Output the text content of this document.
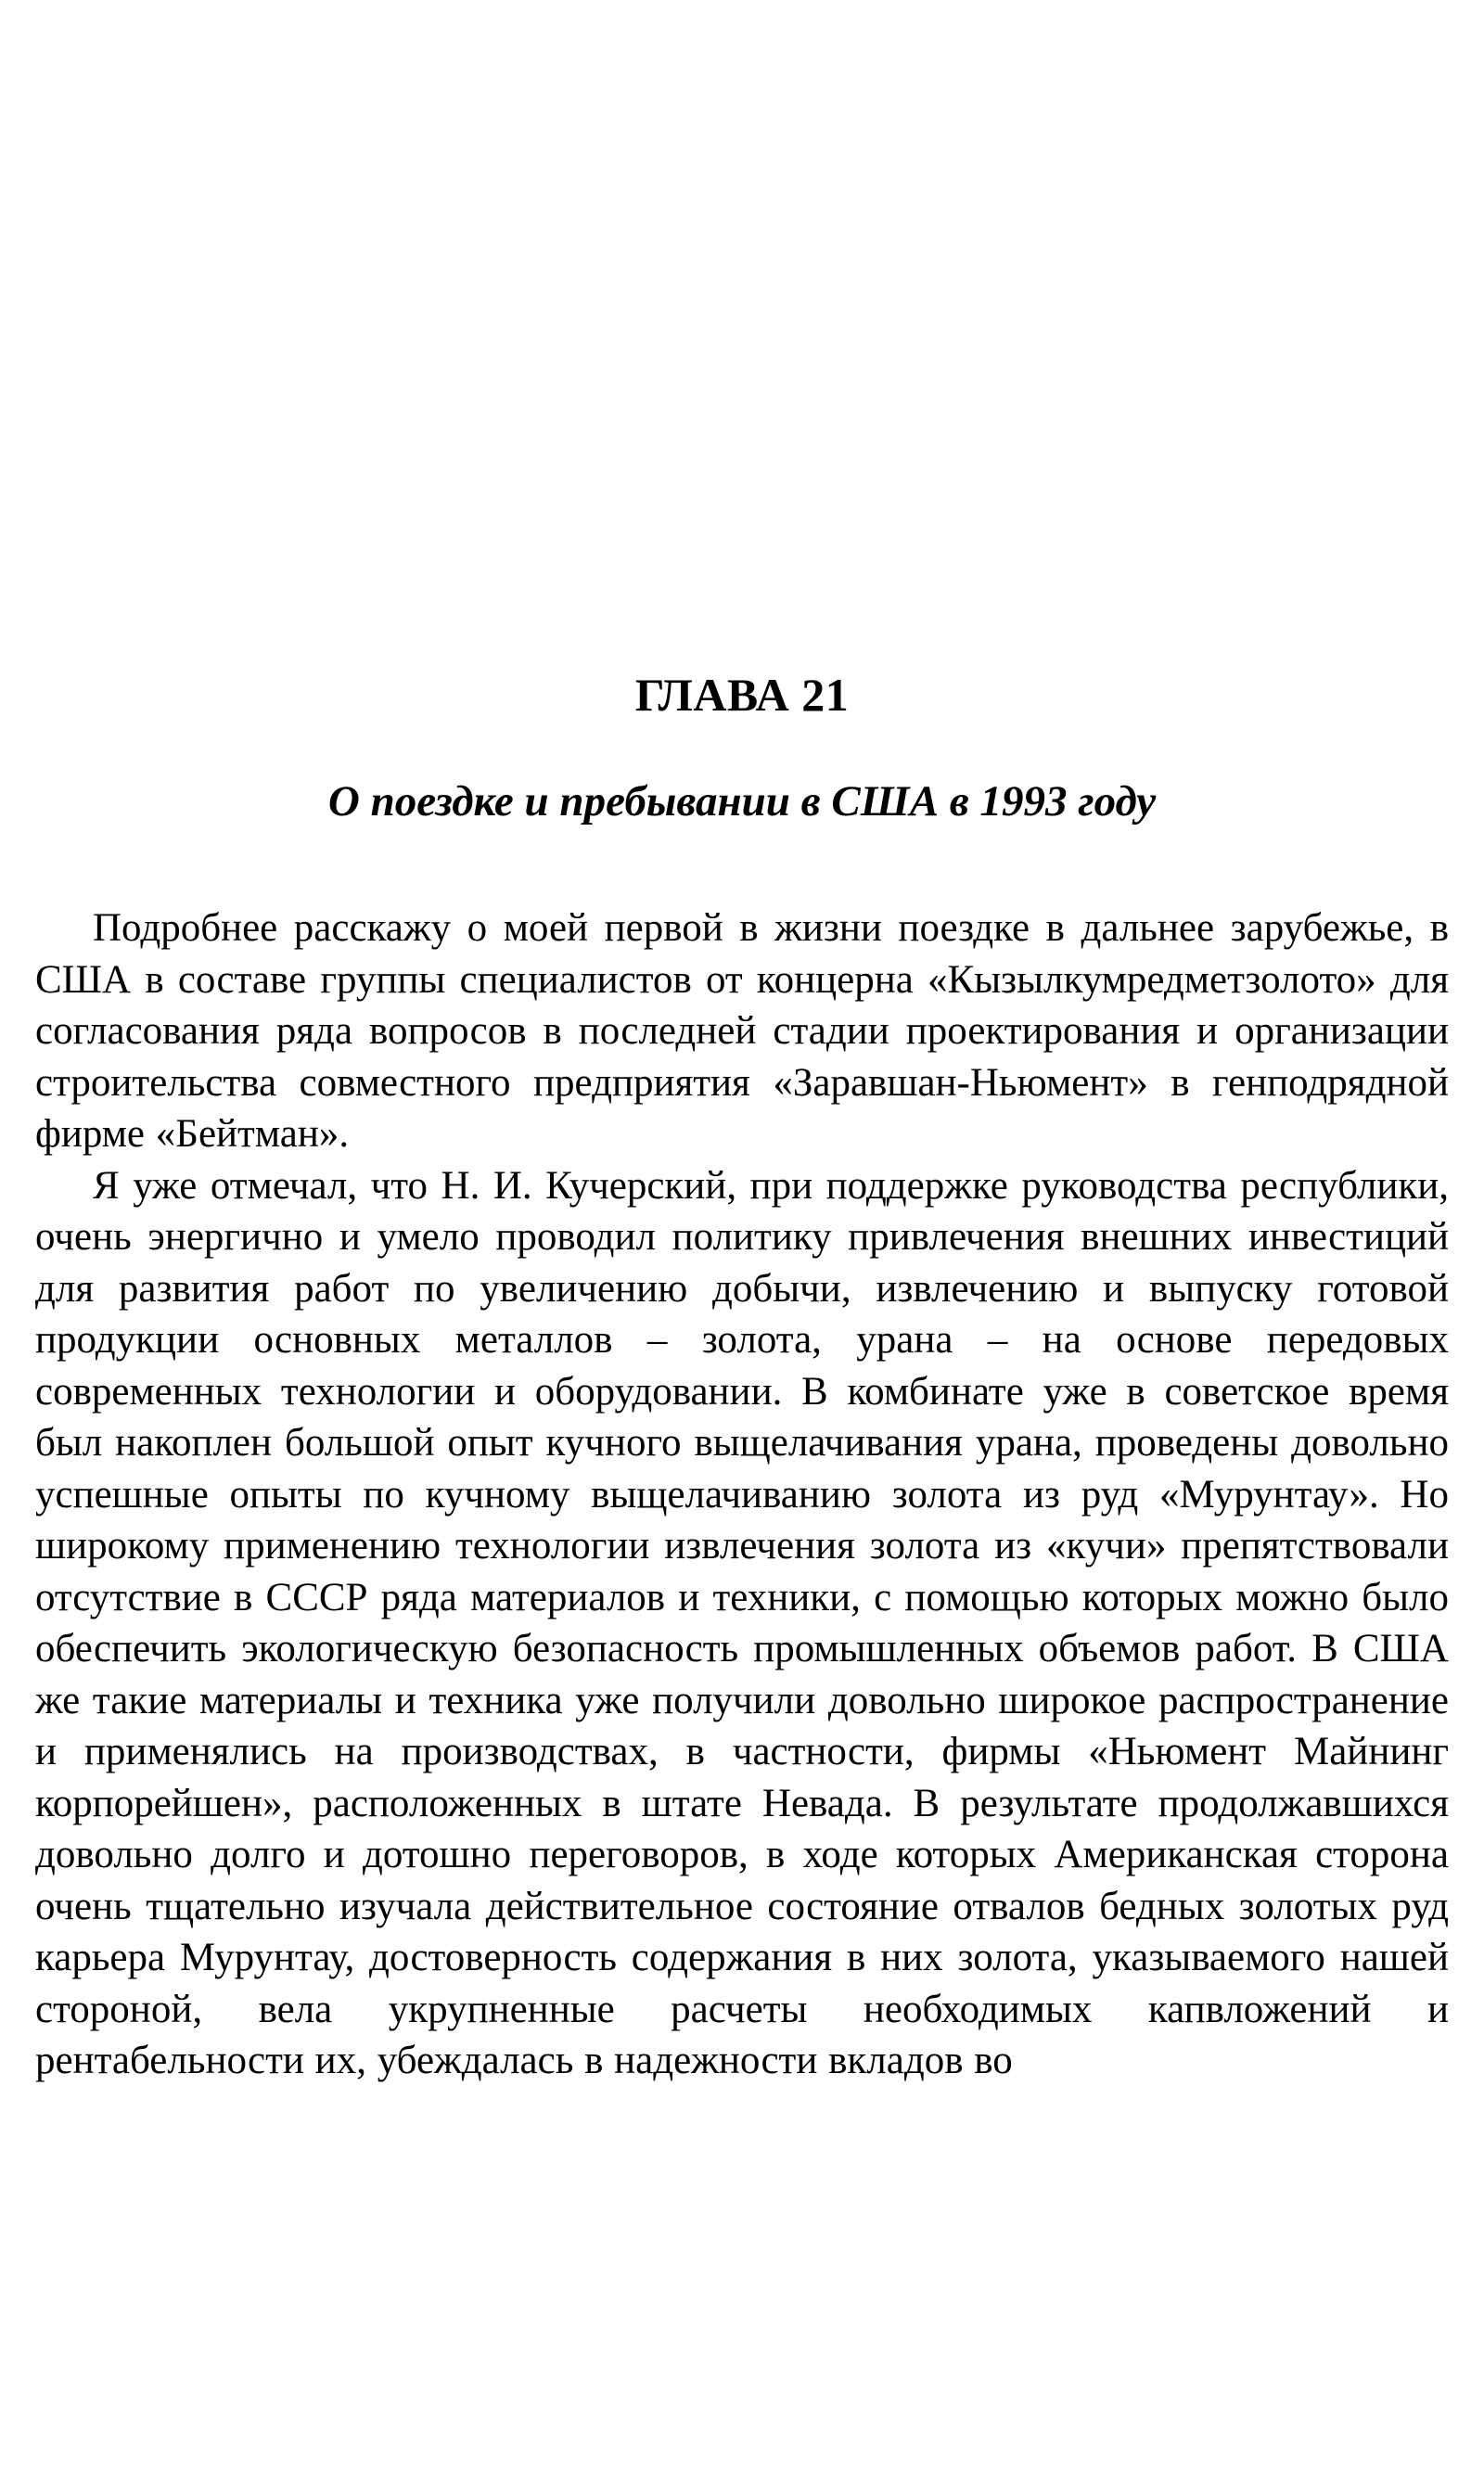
ГЛАВА 21
О поездке и пребывании в США в 1993 году

Подробнее расскажу о моей первой в жизни поездке в дальнее зарубежье, в США в составе группы специалистов от концерна «Кызылкумредметзолото» для согласования ряда вопросов в последней стадии проектирования и организации строительства совместного предприятия «Заравшан-Ньюмент» в генподрядной фирме «Бейтман».

Я уже отмечал, что Н. И. Кучерский, при поддержке руководства республики, очень энергично и умело проводил политику привлечения внешних инвестиций для развития работ по увеличению добычи, извлечению и выпуску готовой продукции основных металлов – золота, урана – на основе передовых современных технологии и оборудовании. В комбинате уже в советское время был накоплен большой опыт кучного выщелачивания урана, проведены довольно успешные опыты по кучному выщелачиванию золота из руд «Мурунтау». Но широкому применению технологии извлечения золота из «кучи» препятствовали отсутствие в СССР ряда материалов и техники, с помощью которых можно было обеспечить экологическую безопасность промышленных объемов работ. В США же такие материалы и техника уже получили довольно широкое распространение и применялись на производствах, в частности, фирмы «Ньюмент Майнинг корпорейшен», расположенных в штате Невада. В результате продолжавшихся довольно долго и дотошно переговоров, в ходе которых Американская сторона очень тщательно изучала действительное состояние отвалов бедных золотых руд карьера Мурунтау, достоверность содержания в них золота, указываемого нашей стороной, вела укрупненные расчеты необходимых капвложений и рентабельности их, убеждалась в надежности вкладов во
